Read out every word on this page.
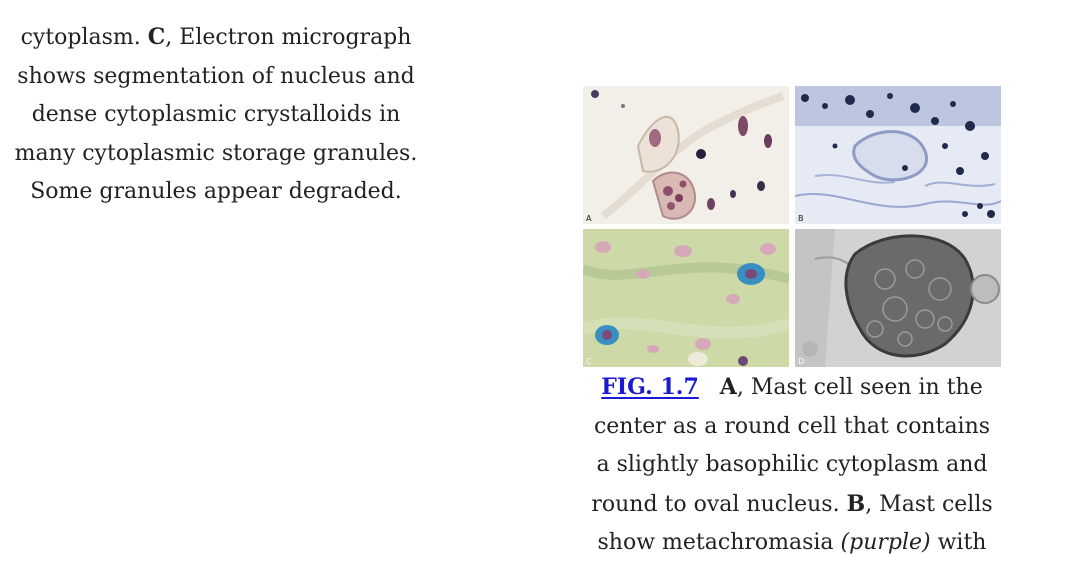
cytoplasm. C, Electron micrograph
shows segmentation of nucleus and
dense cytoplasmic crystalloids in
many cytoplasmic storage granules.
Some granules appear degraded.
A	B
C	D
FIG. 1.7 A, Mast cell seen in the
center as a round cell that contains
a slightly basophilic cytoplasm and
round to oval nucleus. B, Mast cells
show metachromasia (purple) with
